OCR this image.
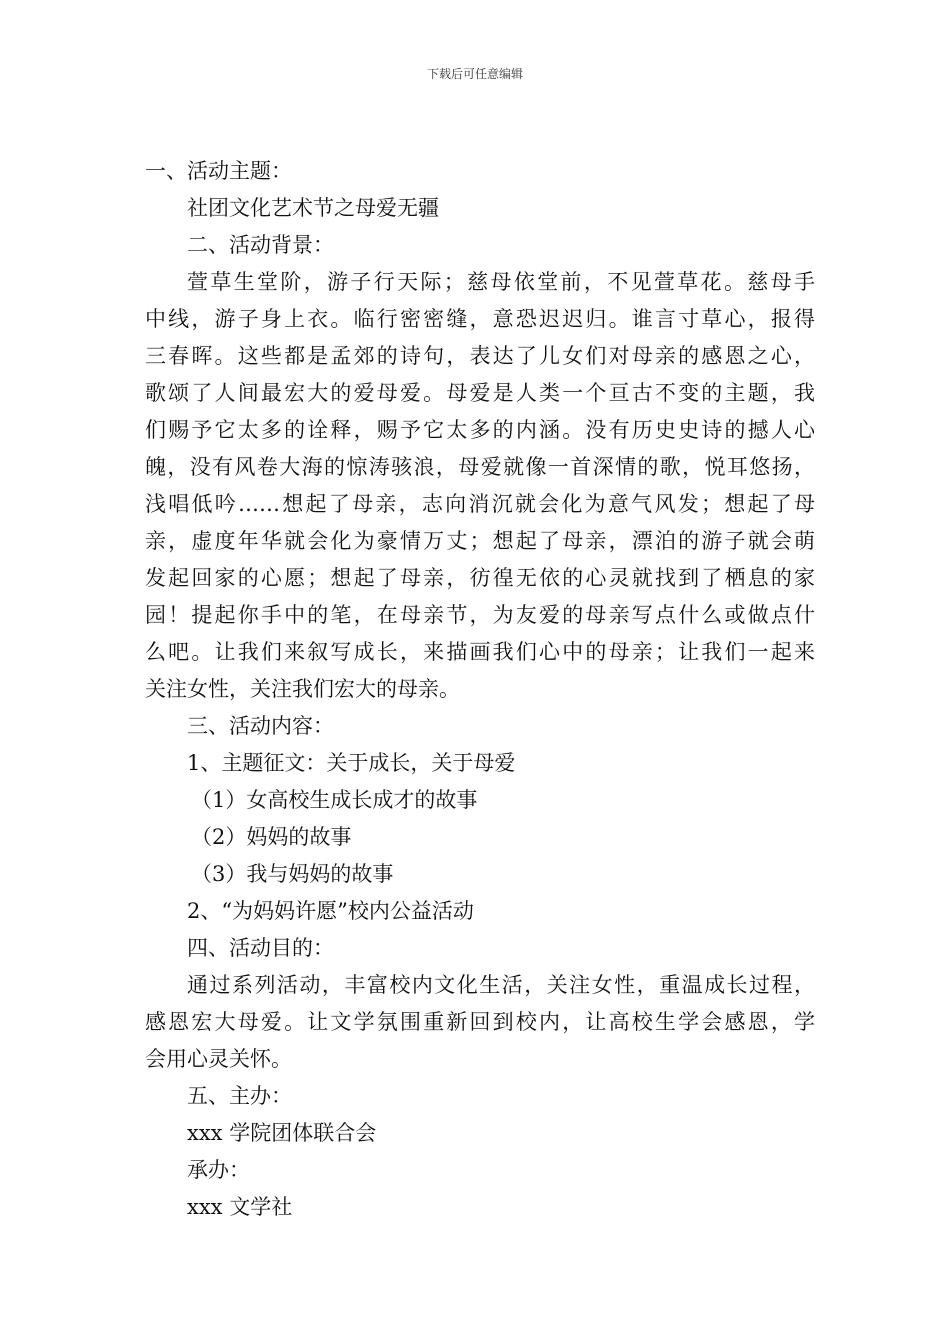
下载后可任意编辑
一、活动主题：
社团文化艺术节之母爱无疆
二、活动背景：
萱草生堂阶，游子行天际；慈母依堂前，不见萱草花。慈母手
中线，游子身上衣。临行密密缝，意恐迟迟归。谁言寸草心，报得
三春晖。这些都是孟郊的诗句，表达了儿女们对母亲的感恩之心，
歌颂了人间最宏大的爱母爱。母爱是人类一个亘古不变的主题，我
们赐予它太多的诠释，赐予它太多的内涵。没有历史史诗的撼人心
魄，没有风卷大海的惊涛骇浪，母爱就像一首深情的歌，悦耳悠扬，
浅唱低吟……想起了母亲，志向消沉就会化为意气风发；想起了母
亲，虚度年华就会化为豪情万丈；想起了母亲，漂泊的游子就会萌
发起回家的心愿；想起了母亲，彷徨无依的心灵就找到了栖息的家
园！提起你手中的笔，在母亲节，为友爱的母亲写点什么或做点什
么吧。让我们来叙写成长，来描画我们心中的母亲；让我们一起来
关注女性，关注我们宏大的母亲。
三、活动内容：
1、主题征文：关于成长，关于母爱
（1）女高校生成长成才的故事
（2）妈妈的故事
（3）我与妈妈的故事
2、“为妈妈许愿”校内公益活动
四、活动目的：
通过系列活动，丰富校内文化生活，关注女性，重温成长过程，
感恩宏大母爱。让文学氛围重新回到校内，让高校生学会感恩，学
会用心灵关怀。
五、主办：
xxx 学院团体联合会
承办：
xxx 文学社
